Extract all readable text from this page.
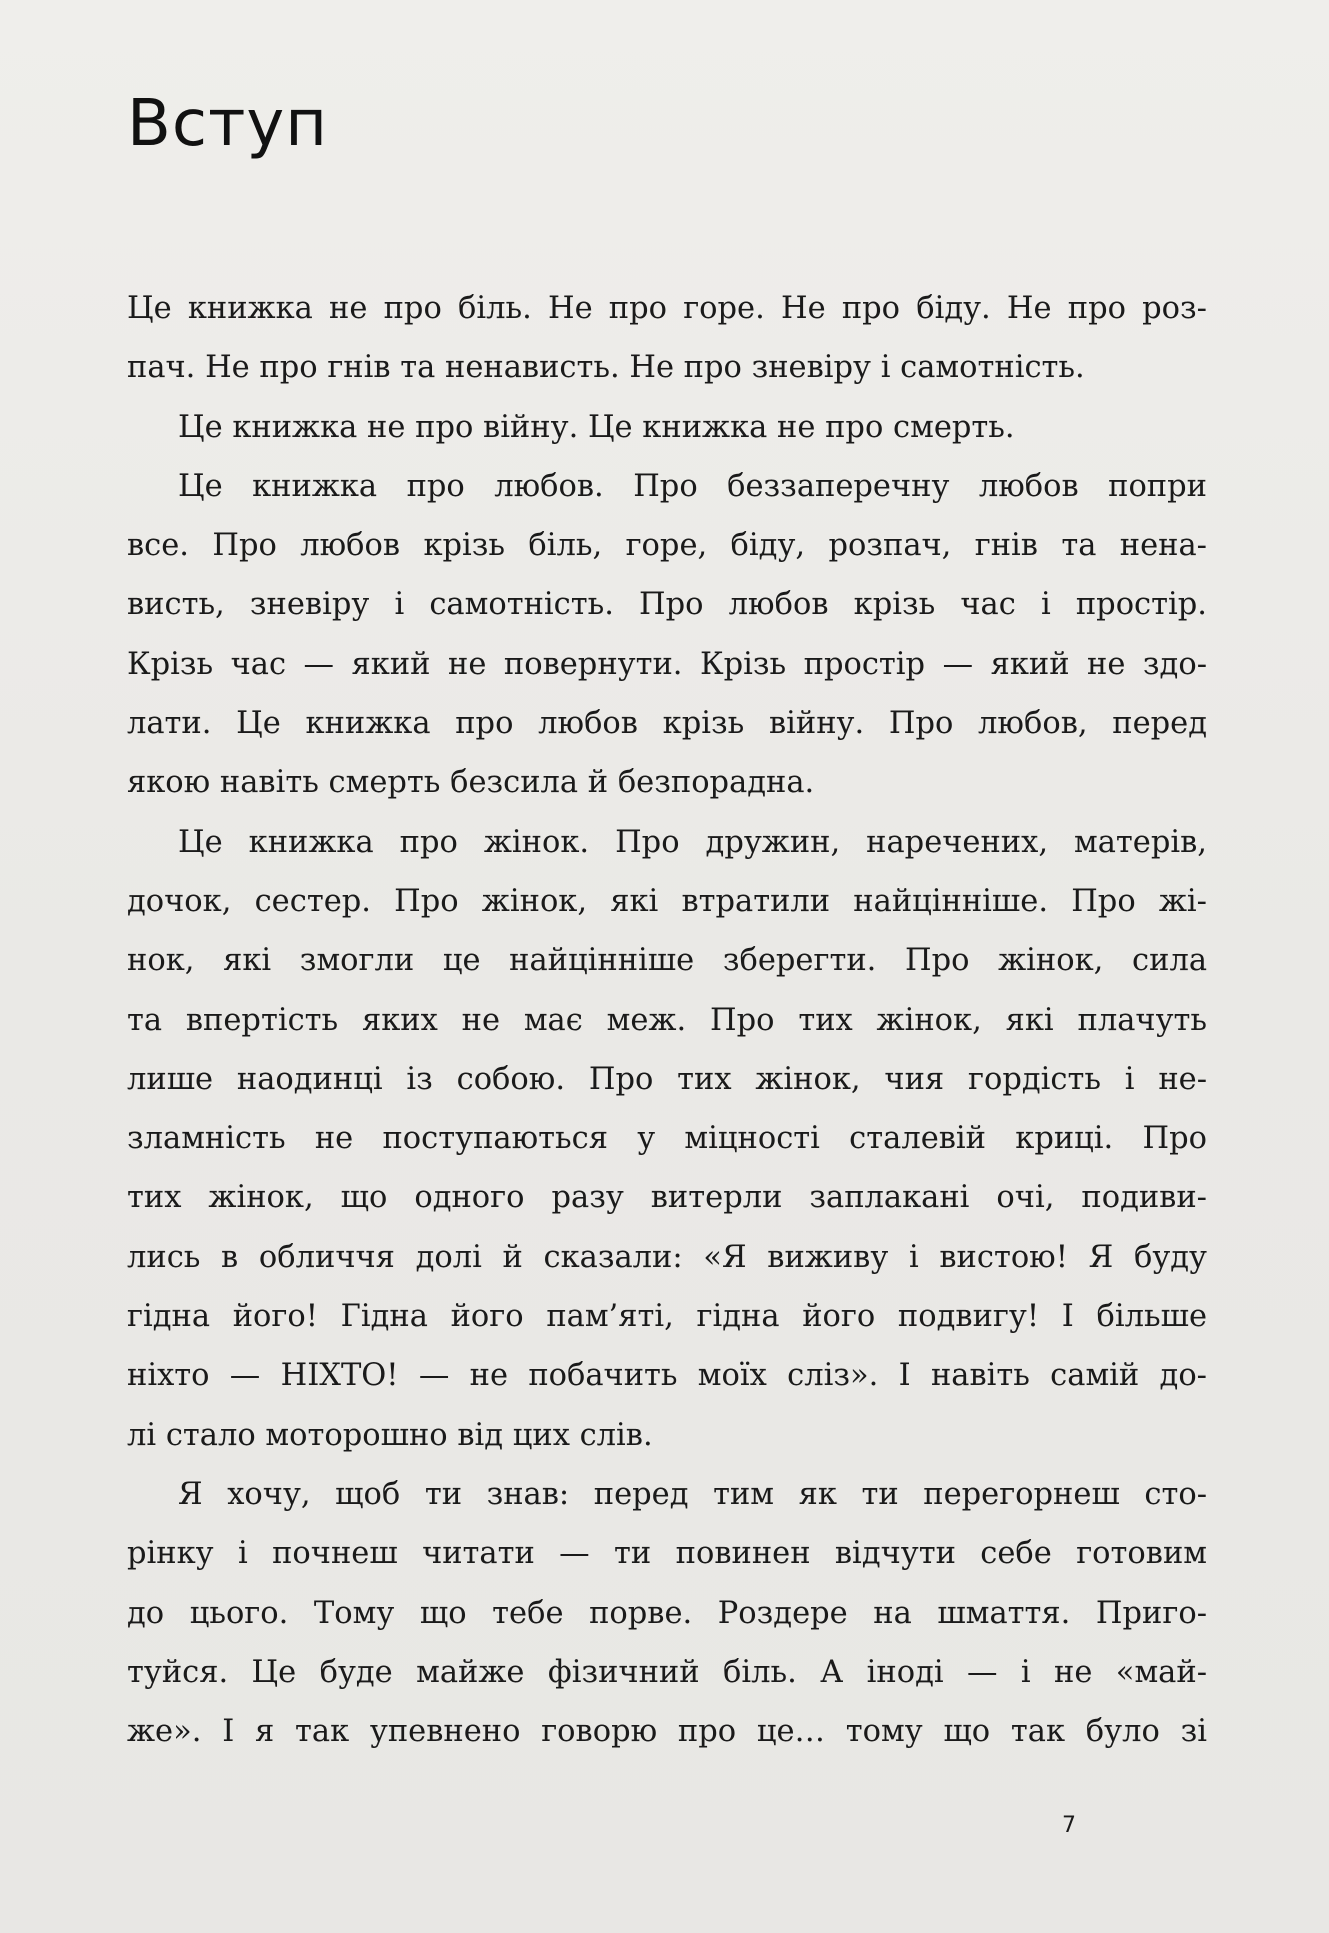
Вступ
Це книжка не про біль. Не про горе. Не про біду. Не про роз-
пач. Не про гнів та ненависть. Не про зневіру і самотність.
Це книжка не про війну. Це книжка не про смерть.
Це книжка про любов. Про беззаперечну любов попри
все. Про любов крізь біль, горе, біду, розпач, гнів та нена-
висть, зневіру і самотність. Про любов крізь час і простір.
Крізь час — який не повернути. Крізь простір — який не здо-
лати. Це книжка про любов крізь війну. Про любов, перед
якою навіть смерть безсила й безпорадна.
Це книжка про жінок. Про дружин, наречених, матерів,
дочок, сестер. Про жінок, які втратили найцінніше. Про жі-
нок, які змогли це найцінніше зберегти. Про жінок, сила
та впертість яких не має меж. Про тих жінок, які плачуть
лише наодинці із собою. Про тих жінок, чия гордість і не-
зламність не поступаються у міцності сталевій криці. Про
тих жінок, що одного разу витерли заплакані очі, подиви-
лись в обличчя долі й сказали: «Я виживу і вистою! Я буду
гідна його! Гідна його пам’яті, гідна його подвигу! І більше
ніхто — НІХТО! — не побачить моїх сліз». І навіть самій до-
лі стало моторошно від цих слів.
Я хочу, щоб ти знав: перед тим як ти перегорнеш сто-
рінку і почнеш читати — ти повинен відчути себе готовим
до цього. Тому що тебе порве. Роздере на шмаття. Приго-
туйся. Це буде майже фізичний біль. А іноді — і не «май-
же». І я так упевнено говорю про це… тому що так було зі
7
